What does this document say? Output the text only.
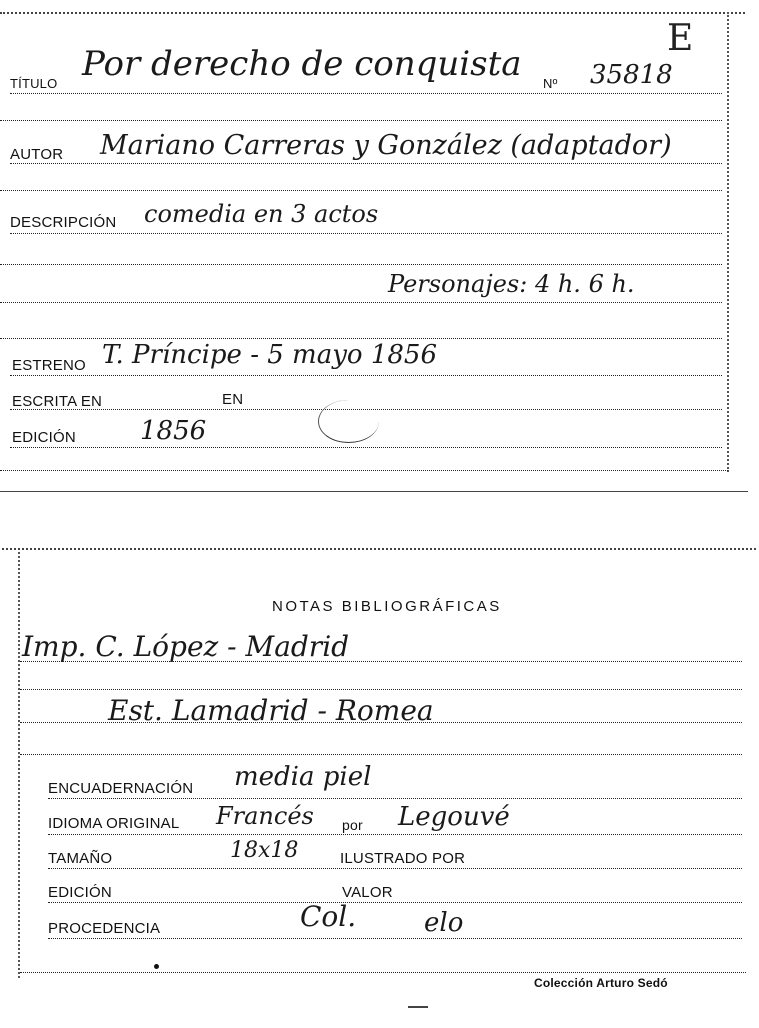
E
TÍTULO Por derecho de conquista Nº 35818
AUTOR Mariano Carreras y González (adaptador)
DESCRIPCIÓN comedia en 3 actos
Personajes: 4 h. 6 h.
ESTRENO T. Príncipe - 5 mayo 1856
ESCRITA EN	EN
EDICIÓN 1856
NOTAS BIBLIOGRÁFICAS
Imp. C. López - Madrid
Est. Lamadrid - Romea
ENCUADERNACIÓN media piel
IDIOMA ORIGINAL Francés por Legouvé
TAMAÑO	18x18	ILUSTRADO POR
EDICIÓN	VALOR
PROCEDENCIA	Col.	elo
Colección Arturo Sedó
